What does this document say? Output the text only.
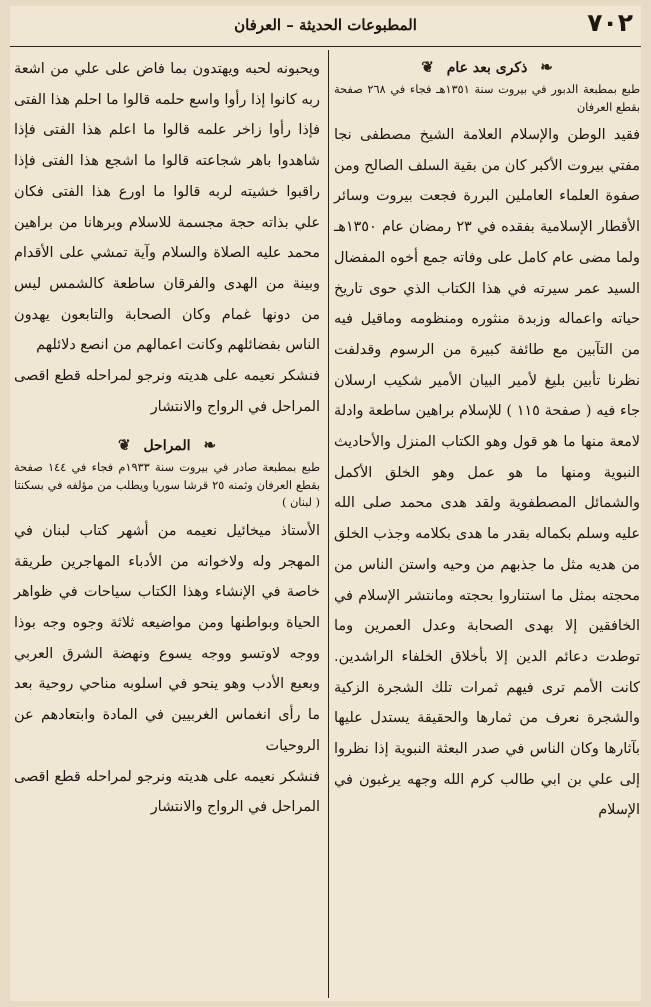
٧٠٢
المطبوعات الحديثة – العرفان
❧ ذكرى بعد عام ❦

طبع بمطبعة الدبور في بيروت سنة ١٣٥١هـ فجاء في ٢٦٨ صفحة بقطع العرفان

فقيد الوطن والإسلام العلامة الشيخ مصطفى نجا مفتي بيروت الأكبر كان من بقية السلف الصالح ومن صفوة العلماء العاملين البررة فجعت بيروت وسائر الأقطار الإسلامية بفقده في ٢٣ رمضان عام ١٣٥٠هـ ولما مضى عام كامل على وفاته جمع أخوه المفضال السيد عمر سيرته في هذا الكتاب الذي حوى تاريخ حياته واعماله وزبدة منثوره ومنظومه وماقيل فيه من التآبين مع طائفة كبيرة من الرسوم وقدلفت نظرنا تأبين بليغ لأمير البيان الأمير شكيب ارسلان جاء فيه ( صفحة ١١٥ ) للإسلام براهين ساطعة وادلة لامعة منها ما هو قول وهو الكتاب المنزل والأحاديث النبوية ومنها ما هو عمل وهو الخلق الأكمل والشمائل المصطفوية ولقد هدى محمد صلى الله عليه وسلم بكماله بقدر ما هدى بكلامه وجذب الخلق من هديه مثل ما جذبهم من وحيه واستن الناس من محجته بمثل ما استناروا بحجته ومانتشر الإسلام في الخافقين إلا بهدى الصحابة وعدل العمرين وما توطدت دعائم الدين إلا بأخلاق الخلفاء الراشدين. كانت الأمم ترى فيهم ثمرات تلك الشجرة الزكية والشجرة نعرف من ثمارها والحقيقة يستدل عليها بآثارها وكان الناس في صدر البعثة النبوية إذا نظروا إلى علي بن ابي طالب كرم الله وجهه يرغبون في الإسلام

ويحبونه لحبه ويهتدون بما فاض على علي من اشعة ربه كانوا إذا رأوا واسع حلمه قالوا ما احلم هذا الفتى فإذا رأوا زاخر علمه قالوا ما اعلم هذا الفتى فإذا شاهدوا باهر شجاعته قالوا ما اشجع هذا الفتى فإذا راقبوا خشيته لربه قالوا ما اورع هذا الفتى فكان علي بذاته حجة مجسمة للاسلام وبرهانا من براهين محمد عليه الصلاة والسلام وآية تمشي على الأقدام وبينة من الهدى والفرقان ساطعة كالشمس ليس من دونها غمام وكان الصحابة والتابعون يهدون الناس بفضائلهم وكانت اعمالهم من انصع دلائلهم

فنشكر نعيمه على هديته ونرجو لمراحله قطع اقصى المراحل في الرواج والانتشار

❧ المراحل ❦

طبع بمطبعة صادر في بيروت سنة ١٩٣٣م فجاء في ١٤٤ صفحة بقطع العرفان وثمنه ٢٥ قرشا سوريا ويطلب من مؤلفه في بسكنتا ( لبنان )

الأستاذ ميخائيل نعيمه من أشهر كتاب لبنان في المهجر وله ولاخوانه من الأدباء المهاجرين طريقة خاصة في الإنشاء وهذا الكتاب سياحات في ظواهر الحياة وبواطنها ومن مواضيعه ثلاثة وجوه وجه بوذا ووجه لاوتسو ووجه يسوع ونهضة الشرق العربي وبعبع الأدب وهو ينحو في اسلوبه مناحي روحية بعد ما رأى انغماس الغربيين في المادة وابتعادهم عن الروحيات

فنشكر نعيمه على هديته ونرجو لمراحله قطع اقصى المراحل في الرواج والانتشار
